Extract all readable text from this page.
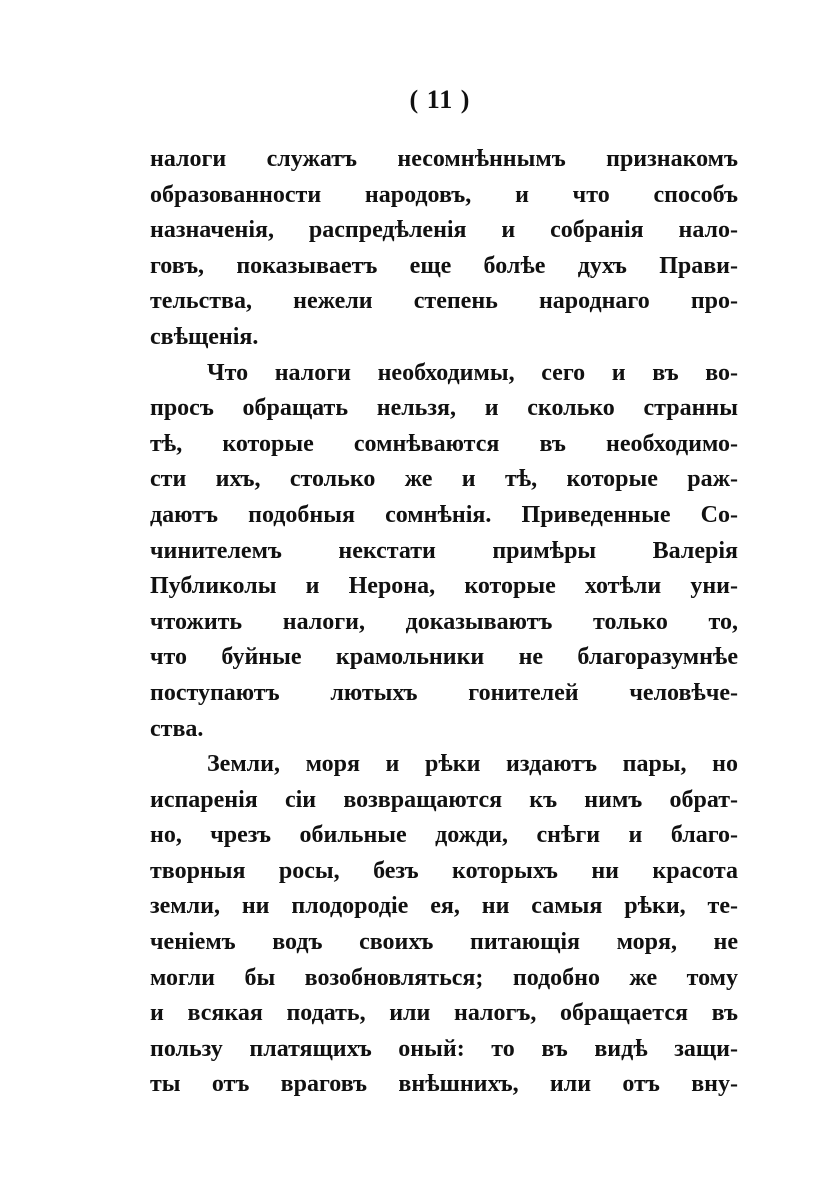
( 11 )
налоги служатъ несомнѣннымъ признакомъ
образованности народовъ, и что способъ
назначенія, распредѣленія и собранія нало-
говъ, показываетъ еще болѣе духъ Прави-
тельства, нежели степень народнаго про-
свѣщенія.
Что налоги необходимы, сего и въ во-
просъ обращать нельзя, и сколько странны
тѣ, которые сомнѣваются въ необходимо-
сти ихъ, столько же и тѣ, которые раж-
даютъ подобныя сомнѣнія. Приведенные Со-
чинителемъ некстати примѣры Валерія
Публиколы и Нерона, которые хотѣли уни-
чтожить налоги, доказываютъ только то,
что буйные крамольники не благоразумнѣе
поступаютъ лютыхъ гонителей человѣче-
ства.
Земли, моря и рѣки издаютъ пары, но
испаренія сіи возвращаются къ нимъ обрат-
но, чрезъ обильные дожди, снѣги и благо-
творныя росы, безъ которыхъ ни красота
земли, ни плодородіе ея, ни самыя рѣки, те-
ченіемъ водъ своихъ питающія моря, не
могли бы возобновляться; подобно же тому
и всякая подать, или налогъ, обращается въ
пользу платящихъ оный: то въ видѣ защи-
ты отъ враговъ внѣшнихъ, или отъ вну-
